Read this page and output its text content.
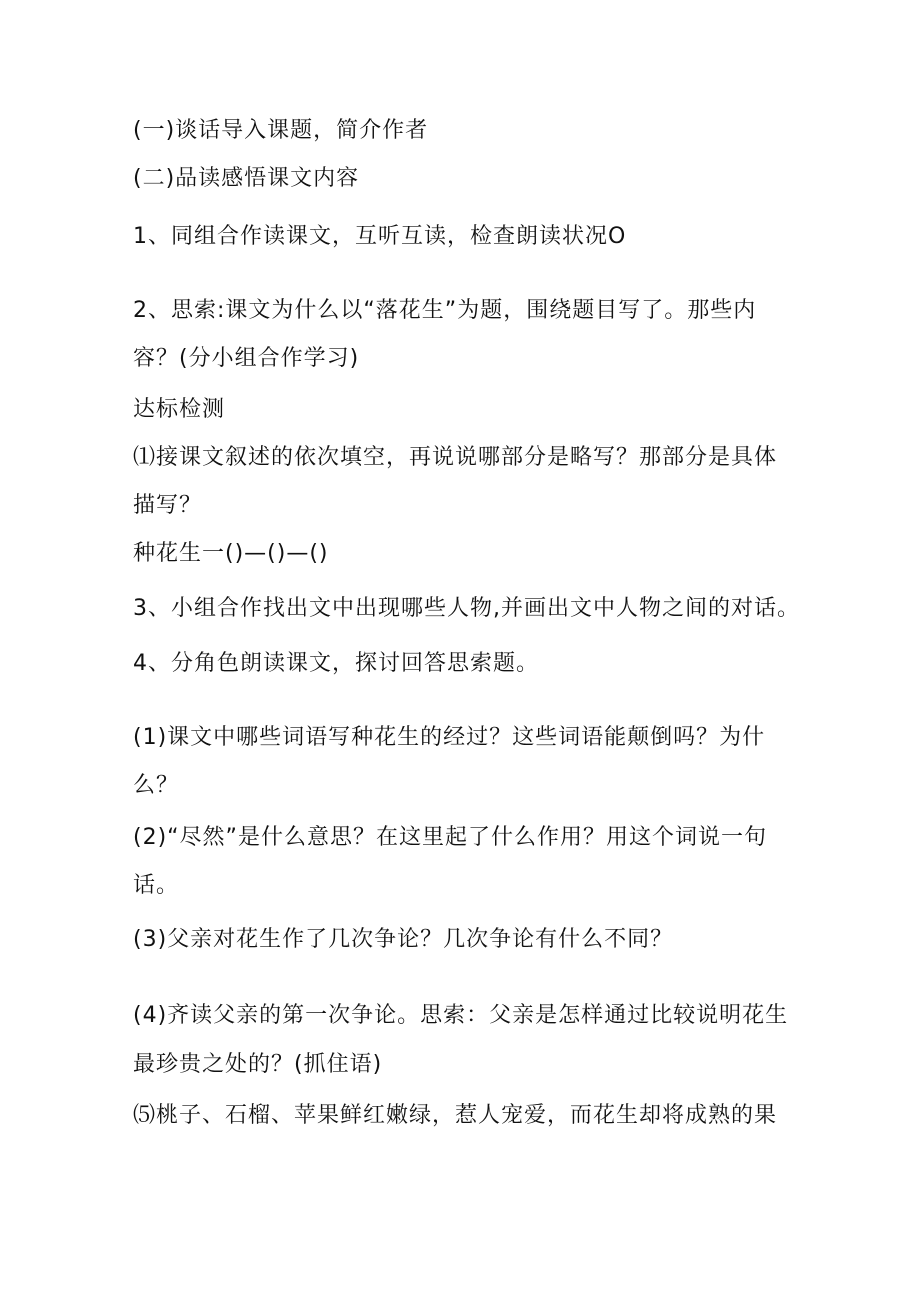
(一)谈话导入课题，简介作者
(二)品读感悟课文内容
1、同组合作读课文，互听互读，检查朗读状况O
2、思索:课文为什么以“落花生”为题，围绕题目写了。那些内
容？(分小组合作学习)
达标检测
⑴接课文叙述的依次填空，再说说哪部分是略写？那部分是具体
描写？
种花生一()—()—()
3、小组合作找出文中出现哪些人物,并画出文中人物之间的对话。
4、分角色朗读课文，探讨回答思索题。
(1)课文中哪些词语写种花生的经过？这些词语能颠倒吗？为什
么？
(2)“尽然”是什么意思？在这里起了什么作用？用这个词说一句
话。
(3)父亲对花生作了几次争论？几次争论有什么不同？
(4)齐读父亲的第一次争论。思索：父亲是怎样通过比较说明花生
最珍贵之处的？(抓住语)
⑸桃子、石榴、苹果鲜红嫩绿，惹人宠爱，而花生却将成熟的果
